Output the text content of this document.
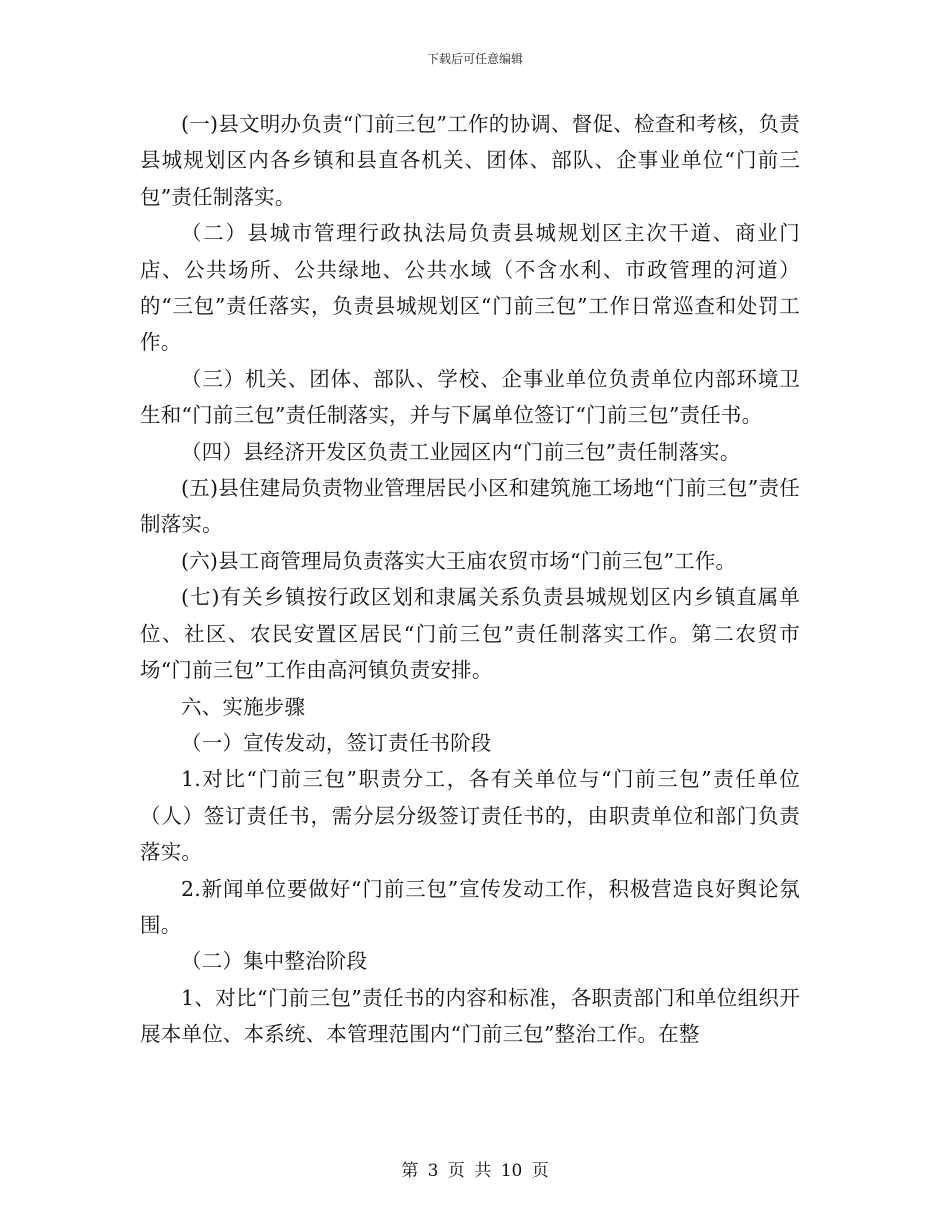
下载后可任意编辑

(一)县文明办负责“门前三包”工作的协调、督促、检查和考核，负责县城规划区内各乡镇和县直各机关、团体、部队、企事业单位“门前三包”责任制落实。

（二）县城市管理行政执法局负责县城规划区主次干道、商业门店、公共场所、公共绿地、公共水域（不含水利、市政管理的河道）的“三包”责任落实，负责县城规划区“门前三包”工作日常巡查和处罚工作。

（三）机关、团体、部队、学校、企事业单位负责单位内部环境卫生和“门前三包”责任制落实，并与下属单位签订“门前三包”责任书。

（四）县经济开发区负责工业园区内“门前三包”责任制落实。

(五)县住建局负责物业管理居民小区和建筑施工场地“门前三包”责任制落实。

(六)县工商管理局负责落实大王庙农贸市场“门前三包”工作。

(七)有关乡镇按行政区划和隶属关系负责县城规划区内乡镇直属单位、社区、农民安置区居民“门前三包”责任制落实工作。第二农贸市场“门前三包”工作由高河镇负责安排。

六、实施步骤

（一）宣传发动，签订责任书阶段

1.对比“门前三包”职责分工，各有关单位与“门前三包”责任单位（人）签订责任书，需分层分级签订责任书的，由职责单位和部门负责落实。

2.新闻单位要做好“门前三包”宣传发动工作，积极营造良好舆论氛围。

（二）集中整治阶段

1、对比“门前三包”责任书的内容和标准，各职责部门和单位组织开展本单位、本系统、本管理范围内“门前三包”整治工作。在整

第 3 页 共 10 页
